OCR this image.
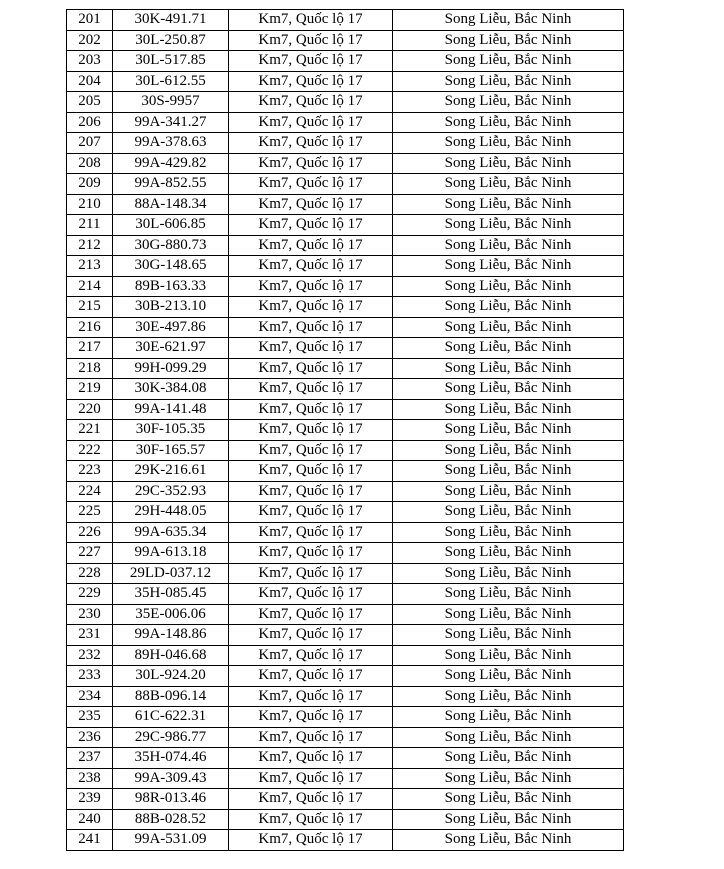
201	30K-491.71	Km7, Quốc lộ 17	Song Liễu, Bắc Ninh
202	30L-250.87	Km7, Quốc lộ 17	Song Liễu, Bắc Ninh
203	30L-517.85	Km7, Quốc lộ 17	Song Liễu, Bắc Ninh
204	30L-612.55	Km7, Quốc lộ 17	Song Liễu, Bắc Ninh
205	30S-9957	Km7, Quốc lộ 17	Song Liễu, Bắc Ninh
206	99A-341.27	Km7, Quốc lộ 17	Song Liễu, Bắc Ninh
207	99A-378.63	Km7, Quốc lộ 17	Song Liễu, Bắc Ninh
208	99A-429.82	Km7, Quốc lộ 17	Song Liễu, Bắc Ninh
209	99A-852.55	Km7, Quốc lộ 17	Song Liễu, Bắc Ninh
210	88A-148.34	Km7, Quốc lộ 17	Song Liễu, Bắc Ninh
211	30L-606.85	Km7, Quốc lộ 17	Song Liễu, Bắc Ninh
212	30G-880.73	Km7, Quốc lộ 17	Song Liễu, Bắc Ninh
213	30G-148.65	Km7, Quốc lộ 17	Song Liễu, Bắc Ninh
214	89B-163.33	Km7, Quốc lộ 17	Song Liễu, Bắc Ninh
215	30B-213.10	Km7, Quốc lộ 17	Song Liễu, Bắc Ninh
216	30E-497.86	Km7, Quốc lộ 17	Song Liễu, Bắc Ninh
217	30E-621.97	Km7, Quốc lộ 17	Song Liễu, Bắc Ninh
218	99H-099.29	Km7, Quốc lộ 17	Song Liễu, Bắc Ninh
219	30K-384.08	Km7, Quốc lộ 17	Song Liễu, Bắc Ninh
220	99A-141.48	Km7, Quốc lộ 17	Song Liễu, Bắc Ninh
221	30F-105.35	Km7, Quốc lộ 17	Song Liễu, Bắc Ninh
222	30F-165.57	Km7, Quốc lộ 17	Song Liễu, Bắc Ninh
223	29K-216.61	Km7, Quốc lộ 17	Song Liễu, Bắc Ninh
224	29C-352.93	Km7, Quốc lộ 17	Song Liễu, Bắc Ninh
225	29H-448.05	Km7, Quốc lộ 17	Song Liễu, Bắc Ninh
226	99A-635.34	Km7, Quốc lộ 17	Song Liễu, Bắc Ninh
227	99A-613.18	Km7, Quốc lộ 17	Song Liễu, Bắc Ninh
228	29LD-037.12	Km7, Quốc lộ 17	Song Liễu, Bắc Ninh
229	35H-085.45	Km7, Quốc lộ 17	Song Liễu, Bắc Ninh
230	35E-006.06	Km7, Quốc lộ 17	Song Liễu, Bắc Ninh
231	99A-148.86	Km7, Quốc lộ 17	Song Liễu, Bắc Ninh
232	89H-046.68	Km7, Quốc lộ 17	Song Liễu, Bắc Ninh
233	30L-924.20	Km7, Quốc lộ 17	Song Liễu, Bắc Ninh
234	88B-096.14	Km7, Quốc lộ 17	Song Liễu, Bắc Ninh
235	61C-622.31	Km7, Quốc lộ 17	Song Liễu, Bắc Ninh
236	29C-986.77	Km7, Quốc lộ 17	Song Liễu, Bắc Ninh
237	35H-074.46	Km7, Quốc lộ 17	Song Liễu, Bắc Ninh
238	99A-309.43	Km7, Quốc lộ 17	Song Liễu, Bắc Ninh
239	98R-013.46	Km7, Quốc lộ 17	Song Liễu, Bắc Ninh
240	88B-028.52	Km7, Quốc lộ 17	Song Liễu, Bắc Ninh
241	99A-531.09	Km7, Quốc lộ 17	Song Liễu, Bắc Ninh
